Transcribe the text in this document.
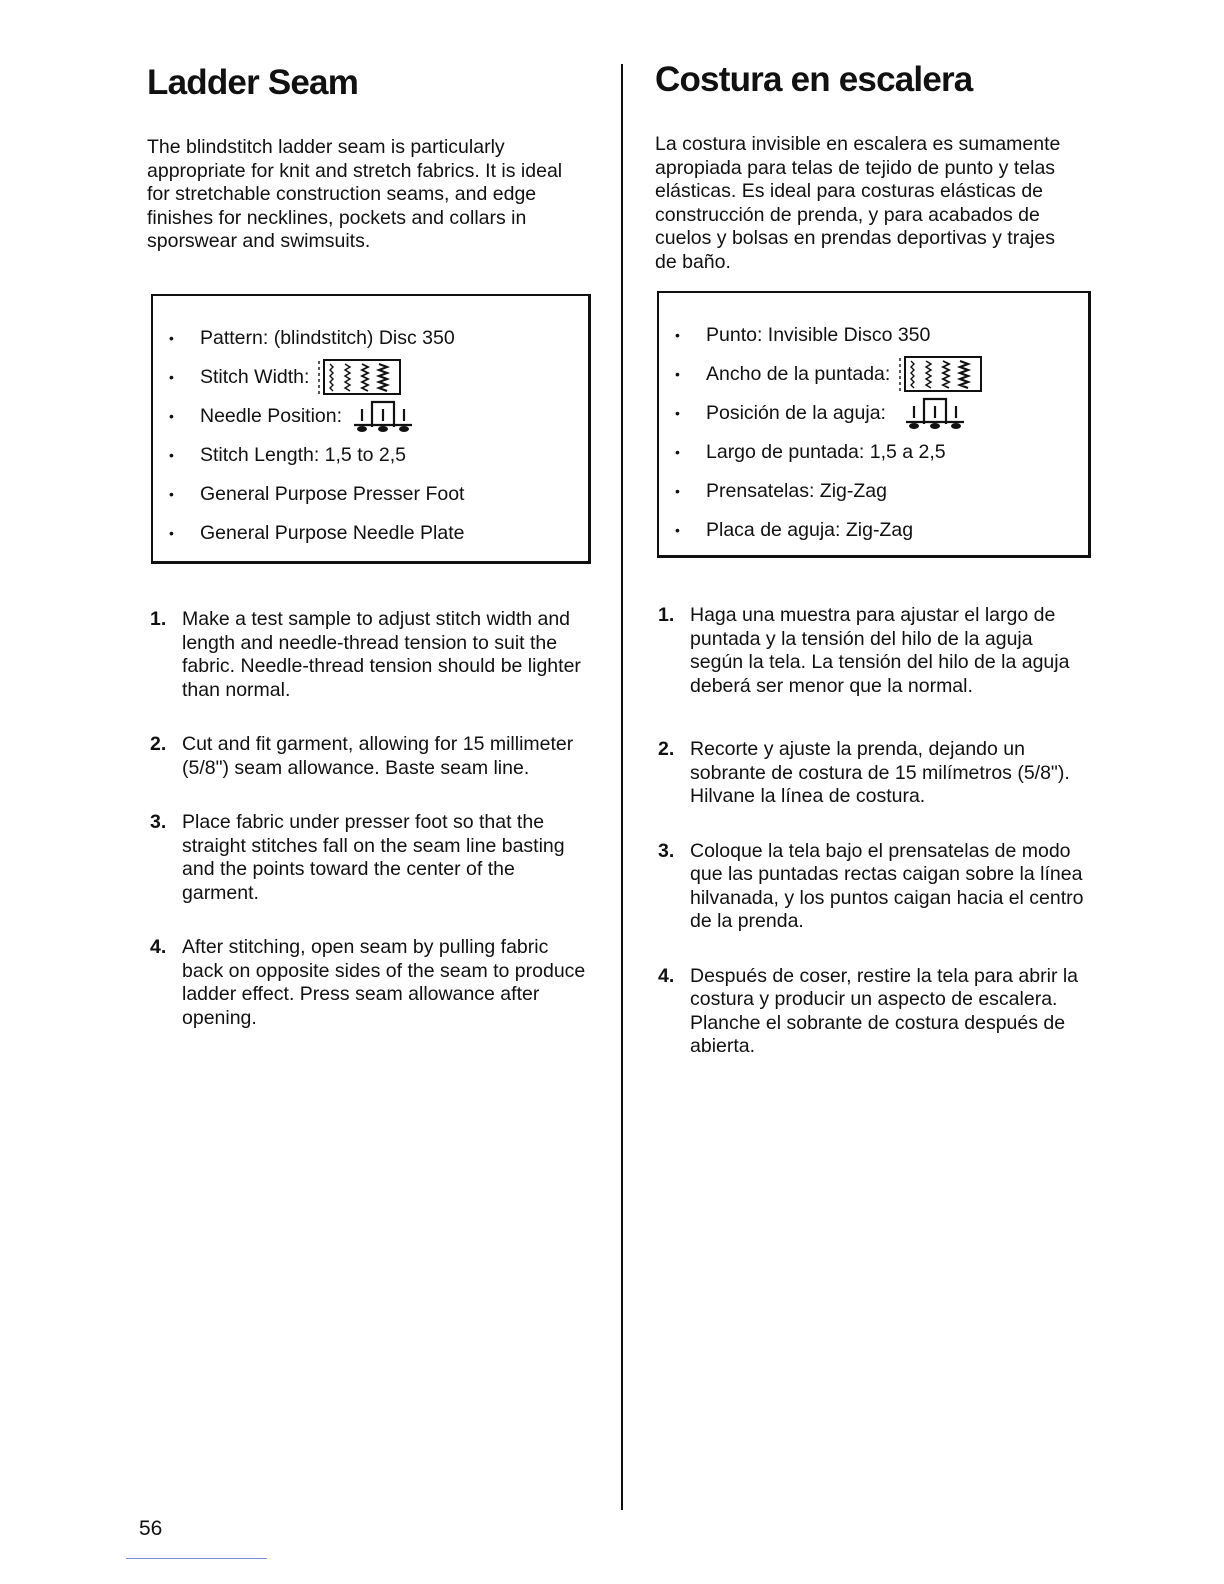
Ladder Seam

The blindstitch ladder seam is particularly appropriate for knit and stretch fabrics. It is ideal for stretchable construction seams, and edge finishes for necklines, pockets and collars in sporswear and swimsuits.

•	Pattern: (blindstitch) Disc 350
•	Stitch Width:
•	Needle Position:
•	Stitch Length: 1,5 to 2,5
•	General Purpose Presser Foot
•	General Purpose Needle Plate
1. Make a test sample to adjust stitch width and length and needle-thread tension to suit the fabric. Needle-thread tension should be lighter than normal.
2. Cut and fit garment, allowing for 15 millimeter (5/8") seam allowance. Baste seam line.
3. Place fabric under presser foot so that the straight stitches fall on the seam line basting and the points toward the center of the garment.
4. After stitching, open seam by pulling fabric back on opposite sides of the seam to produce ladder effect. Press seam allowance after opening.
Costura en escalera

La costura invisible en escalera es sumamente apropiada para telas de tejido de punto y telas elásticas. Es ideal para costuras elásticas de construcción de prenda, y para acabados de cuelos y bolsas en prendas deportivas y trajes de baño.

•	Punto: Invisible Disco 350
•	Ancho de la puntada:
•	Posición de la aguja:
•	Largo de puntada: 1,5 a 2,5
•	Prensatelas: Zig-Zag
•	Placa de aguja: Zig-Zag
1. Haga una muestra para ajustar el largo de puntada y la tensión del hilo de la aguja según la tela. La tensión del hilo de la aguja deberá ser menor que la normal.
2. Recorte y ajuste la prenda, dejando un sobrante de costura de 15 milímetros (5/8"). Hilvane la línea de costura.
3. Coloque la tela bajo el prensatelas de modo que las puntadas rectas caigan sobre la línea hilvanada, y los puntos caigan hacia el centro de la prenda.
4. Después de coser, restire la tela para abrir la costura y producir un aspecto de escalera. Planche el sobrante de costura después de abierta.
56
